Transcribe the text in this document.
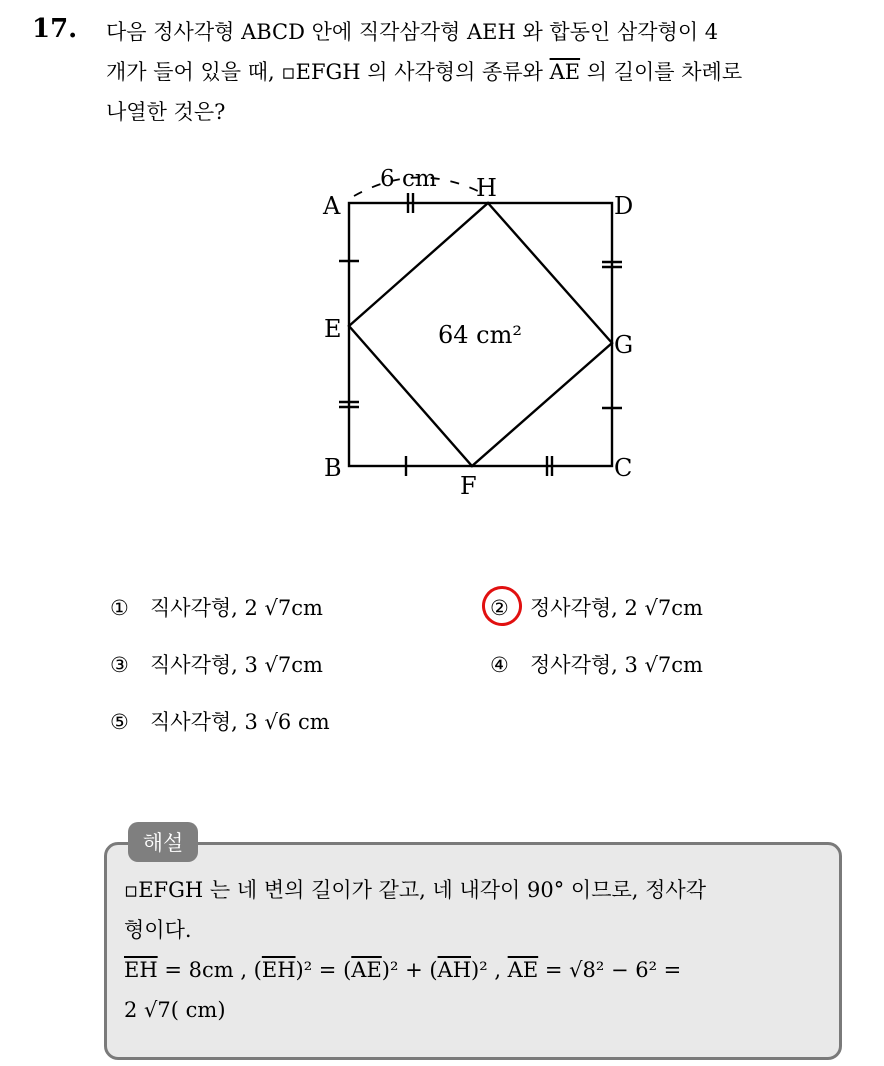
17. 다음 정사각형 ABCD 안에 직각삼각형 AEH 와 합동인 삼각형이 4
개가 들어 있을 때, ▫EFGH 의 사각형의 종류와 $\overline{AE}$ 의 길이를 차례로
나열한 것은?
A
H
D
E
G
B	C
F
6 cm
64 cm²
① 직사각형, 2 √7cm	② 정사각형, 2 √7cm
③ 직사각형, 3 √7cm	④ 정사각형, 3 √7cm
⑤ 직사각형, 3 √6 cm
해설
▫EFGH 는 네 변의 길이가 같고, 네 내각이 90° 이므로, 정사각
형이다.
$\overline{EH} = 8cm$ , $(\overline{EH})^2 = (\overline{AE})^2 + (\overline{AH})^2$ , $\overline{AE} = √8^2 - 6^2$ =
2 √7( cm)
